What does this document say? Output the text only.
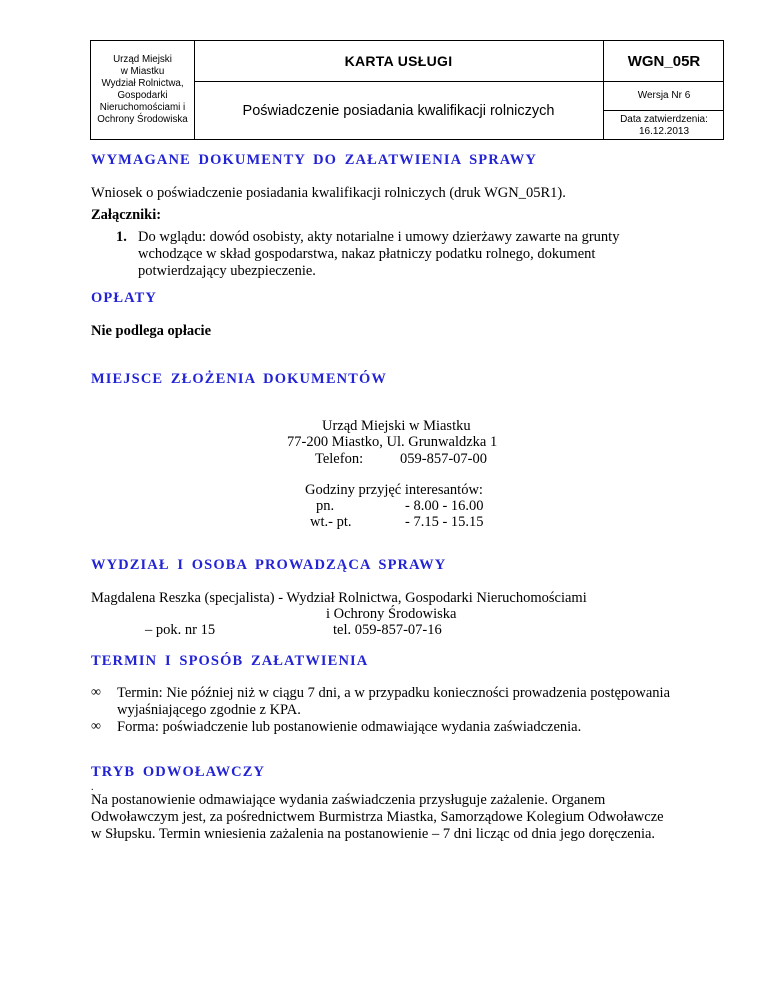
Urząd Miejski
w Miastku
Wydział Rolnictwa,
Gospodarki
Nieruchomościami i
Ochrony Środowiska
KARTA USŁUGI
Poświadczenie posiadania kwalifikacji rolniczych
WGN_05R
Wersja Nr 6
Data zatwierdzenia:
16.12.2013
WYMAGANE DOKUMENTY DO ZAŁATWIENIA SPRAWY
Wniosek o poświadczenie posiadania kwalifikacji rolniczych (druk WGN_05R1).
Załączniki:
1. Do wglądu: dowód osobisty, akty notarialne i umowy dzierżawy zawarte na grunty
wchodzące w skład gospodarstwa, nakaz płatniczy podatku rolnego, dokument
potwierdzający ubezpieczenie.
OPŁATY
Nie podlega opłacie
MIEJSCE ZŁOŻENIA DOKUMENTÓW
Urząd Miejski w Miastku
77-200 Miastko, Ul. Grunwaldzka 1
Telefon:	059-857-07-00
Godziny przyjęć interesantów:
pn.	- 8.00 - 16.00
wt.- pt.	- 7.15 - 15.15
WYDZIAŁ I OSOBA PROWADZĄCA SPRAWY
Magdalena Reszka (specjalista) - Wydział Rolnictwa, Gospodarki Nieruchomościami
i Ochrony Środowiska
– pok. nr 15	tel. 059-857-07-16
TERMIN I SPOSÓB ZAŁATWIENIA
∞ Termin: Nie później niż w ciągu 7 dni, a w przypadku konieczności prowadzenia postępowania
wyjaśniającego zgodnie z KPA.
∞ Forma: poświadczenie lub postanowienie odmawiające wydania zaświadczenia.
TRYB ODWOŁAWCZY
.
Na postanowienie odmawiające wydania zaświadczenia przysługuje zażalenie. Organem
Odwoławczym jest, za pośrednictwem Burmistrza Miastka, Samorządowe Kolegium Odwoławcze
w Słupsku. Termin wniesienia zażalenia na postanowienie – 7 dni licząc od dnia jego doręczenia.
